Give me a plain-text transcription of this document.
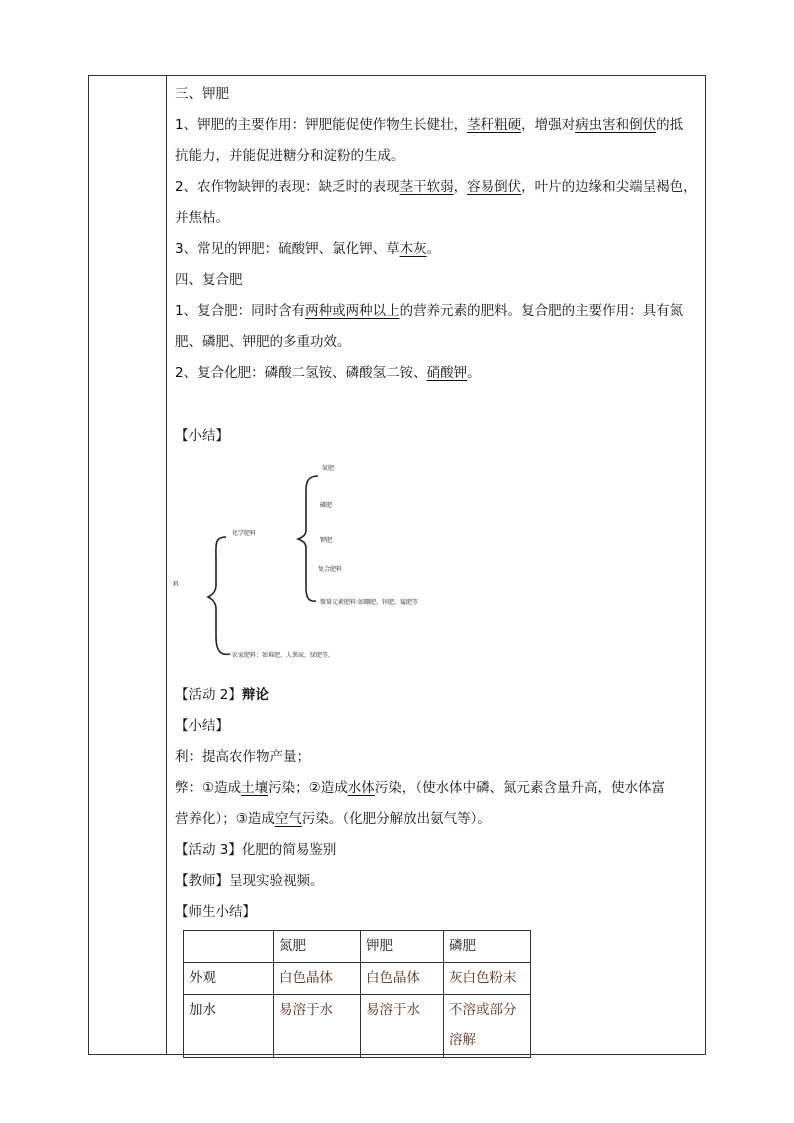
三、钾肥
1、钾肥的主要作用：钾肥能促使作物生长健壮，茎秆粗硬，增强对病虫害和倒伏的抵
抗能力，并能促进糖分和淀粉的生成。
2、农作物缺钾的表现：缺乏时的表现茎干软弱，容易倒伏，叶片的边缘和尖端呈褐色，
并焦枯。
3、常见的钾肥：硫酸钾、氯化钾、草木灰。
四、复合肥
1、复合肥：同时含有两种或两种以上的营养元素的肥料。复合肥的主要作用：具有氮
肥、磷肥、钾肥的多重功效。
2、复合化肥：磷酸二氢铵、磷酸氢二铵、硝酸钾。
【小结】
料
化学肥料
农家肥料：如堆肥、人粪尿、绿肥等。
氮肥
磷肥
钾肥
复合肥料
微量元素肥料:如硼肥、锌肥、锰肥等
【活动 2】辩论
【小结】
利：提高农作物产量；
弊：①造成土壤污染；②造成水体污染，（使水体中磷、氮元素含量升高，使水体富
营养化）；③造成空气污染。（化肥分解放出氨气等）。
【活动 3】化肥的简易鉴别
【教师】呈现实验视频。
【师生小结】
	氮肥	钾肥	磷肥
外观	白色晶体	白色晶体	灰白色粉末
加水	易溶于水	易溶于水	不溶或部分
溶解
